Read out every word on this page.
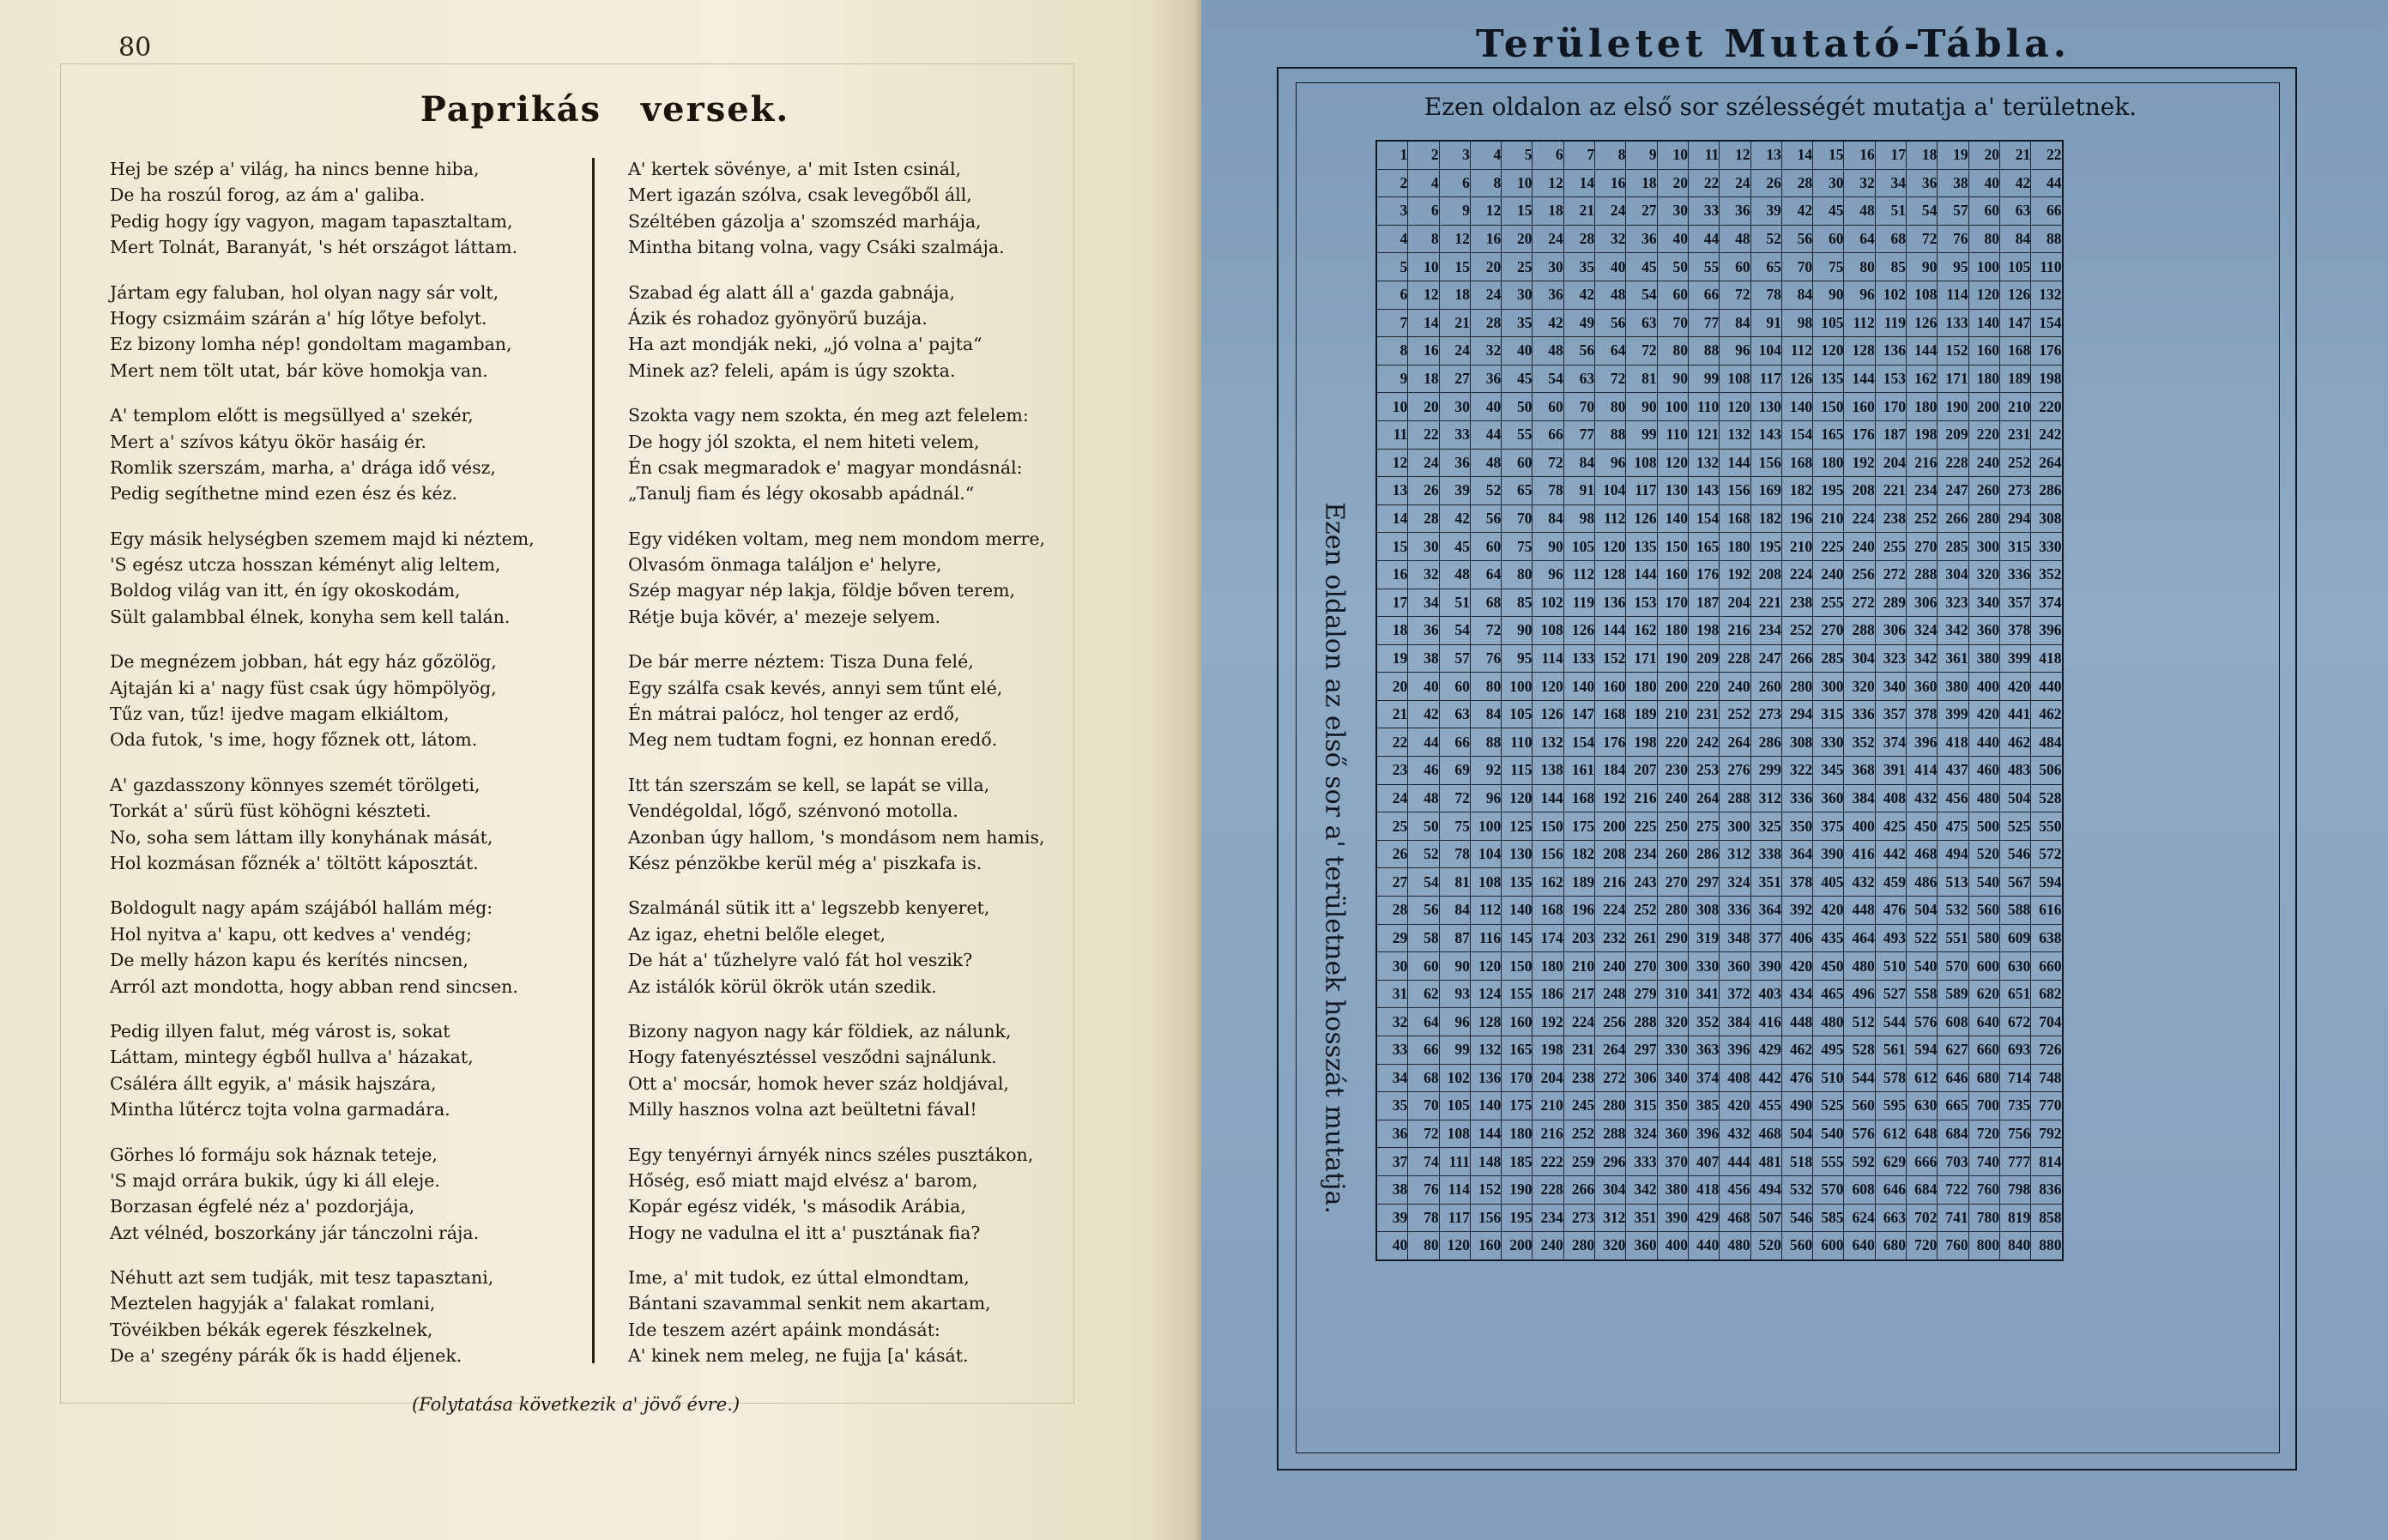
80
Paprikás versek.
Hej be szép a' világ, ha nincs benne hiba,
De ha roszúl forog, az ám a' galiba.
Pedig hogy így vagyon, magam tapasztaltam,
Mert Tolnát, Baranyát, 's hét országot láttam.
Jártam egy faluban, hol olyan nagy sár volt,
Hogy csizmáim szárán a' híg lőtye befolyt.
Ez bizony lomha nép! gondoltam magamban,
Mert nem tölt utat, bár köve homokja van.
A' templom előtt is megsüllyed a' szekér,
Mert a' szívos kátyu ökör hasáig ér.
Romlik szerszám, marha, a' drága idő vész,
Pedig segíthetne mind ezen ész és kéz.
Egy másik helységben szemem majd ki néztem,
'S egész utcza hosszan kéményt alig leltem,
Boldog világ van itt, én így okoskodám,
Sült galambbal élnek, konyha sem kell talán.
De megnézem jobban, hát egy ház gőzölög,
Ajtaján ki a' nagy füst csak úgy hömpölyög,
Tűz van, tűz! ijedve magam elkiáltom,
Oda futok, 's ime, hogy főznek ott, látom.
A' gazdasszony könnyes szemét törölgeti,
Torkát a' sűrü füst köhögni készteti.
No, soha sem láttam illy konyhának mását,
Hol kozmásan főznék a' töltött káposztát.
Boldogult nagy apám szájából hallám még:
Hol nyitva a' kapu, ott kedves a' vendég;
De melly házon kapu és kerítés nincsen,
Arról azt mondotta, hogy abban rend sincsen.
Pedig illyen falut, még várost is, sokat
Láttam, mintegy égből hullva a' házakat,
Csáléra állt egyik, a' másik hajszára,
Mintha lűtércz tojta volna garmadára.
Görhes ló formáju sok háznak teteje,
'S majd orrára bukik, úgy ki áll eleje.
Borzasan égfelé néz a' pozdorjája,
Azt vélnéd, boszorkány jár tánczolni rája.
Néhutt azt sem tudják, mit tesz tapasztani,
Meztelen hagyják a' falakat romlani,
Tövéikben békák egerek fészkelnek,
De a' szegény párák ők is hadd éljenek.
A' kertek sövénye, a' mit Isten csinál,
Mert igazán szólva, csak levegőből áll,
Széltében gázolja a' szomszéd marhája,
Mintha bitang volna, vagy Csáki szalmája.
Szabad ég alatt áll a' gazda gabnája,
Ázik és rohadoz gyönyörű buzája.
Ha azt mondják neki, „jó volna a' pajta“
Minek az? feleli, apám is úgy szokta.
Szokta vagy nem szokta, én meg azt felelem:
De hogy jól szokta, el nem hiteti velem,
Én csak megmaradok e' magyar mondásnál:
„Tanulj fiam és légy okosabb apádnál.“
Egy vidéken voltam, meg nem mondom merre,
Olvasóm önmaga találjon e' helyre,
Szép magyar nép lakja, földje bőven terem,
Rétje buja kövér, a' mezeje selyem.
De bár merre néztem: Tisza Duna felé,
Egy szálfa csak kevés, annyi sem tűnt elé,
Én mátrai palócz, hol tenger az erdő,
Meg nem tudtam fogni, ez honnan eredő.
Itt tán szerszám se kell, se lapát se villa,
Vendégoldal, lőgő, szénvonó motolla.
Azonban úgy hallom, 's mondásom nem hamis,
Kész pénzökbe kerül még a' piszkafa is.
Szalmánál sütik itt a' legszebb kenyeret,
Az igaz, ehetni belőle eleget,
De hát a' tűzhelyre való fát hol veszik?
Az istálók körül ökrök után szedik.
Bizony nagyon nagy kár földiek, az nálunk,
Hogy fatenyésztéssel vesződni sajnálunk.
Ott a' mocsár, homok hever száz holdjával,
Milly hasznos volna azt beültetni fával!
Egy tenyérnyi árnyék nincs széles pusztákon,
Hőség, eső miatt majd elvész a' barom,
Kopár egész vidék, 's második Arábia,
Hogy ne vadulna el itt a' pusztának fia?
Ime, a' mit tudok, ez úttal elmondtam,
Bántani szavammal senkit nem akartam,
Ide teszem azért apáink mondását:
A' kinek nem meleg, ne fujja [a' kását.
(Folytatása következik a' jövő évre.)
Területet Mutató-Tábla.
Ezen oldalon az első sor szélességét mutatja a' területnek.
Ezen oldalon az első sor a' területnek hosszát mutatja.
1	2	3	4	5	6	7	8	9	10	11	12	13	14	15	16	17	18	19	20	21	22
2	4	6	8	10	12	14	16	18	20	22	24	26	28	30	32	34	36	38	40	42	44
3	6	9	12	15	18	21	24	27	30	33	36	39	42	45	48	51	54	57	60	63	66
4	8	12	16	20	24	28	32	36	40	44	48	52	56	60	64	68	72	76	80	84	88
5	10	15	20	25	30	35	40	45	50	55	60	65	70	75	80	85	90	95	100	105	110
6	12	18	24	30	36	42	48	54	60	66	72	78	84	90	96	102	108	114	120	126	132
7	14	21	28	35	42	49	56	63	70	77	84	91	98	105	112	119	126	133	140	147	154
8	16	24	32	40	48	56	64	72	80	88	96	104	112	120	128	136	144	152	160	168	176
9	18	27	36	45	54	63	72	81	90	99	108	117	126	135	144	153	162	171	180	189	198
10	20	30	40	50	60	70	80	90	100	110	120	130	140	150	160	170	180	190	200	210	220
11	22	33	44	55	66	77	88	99	110	121	132	143	154	165	176	187	198	209	220	231	242
12	24	36	48	60	72	84	96	108	120	132	144	156	168	180	192	204	216	228	240	252	264
13	26	39	52	65	78	91	104	117	130	143	156	169	182	195	208	221	234	247	260	273	286
14	28	42	56	70	84	98	112	126	140	154	168	182	196	210	224	238	252	266	280	294	308
15	30	45	60	75	90	105	120	135	150	165	180	195	210	225	240	255	270	285	300	315	330
16	32	48	64	80	96	112	128	144	160	176	192	208	224	240	256	272	288	304	320	336	352
17	34	51	68	85	102	119	136	153	170	187	204	221	238	255	272	289	306	323	340	357	374
18	36	54	72	90	108	126	144	162	180	198	216	234	252	270	288	306	324	342	360	378	396
19	38	57	76	95	114	133	152	171	190	209	228	247	266	285	304	323	342	361	380	399	418
20	40	60	80	100	120	140	160	180	200	220	240	260	280	300	320	340	360	380	400	420	440
21	42	63	84	105	126	147	168	189	210	231	252	273	294	315	336	357	378	399	420	441	462
22	44	66	88	110	132	154	176	198	220	242	264	286	308	330	352	374	396	418	440	462	484
23	46	69	92	115	138	161	184	207	230	253	276	299	322	345	368	391	414	437	460	483	506
24	48	72	96	120	144	168	192	216	240	264	288	312	336	360	384	408	432	456	480	504	528
25	50	75	100	125	150	175	200	225	250	275	300	325	350	375	400	425	450	475	500	525	550
26	52	78	104	130	156	182	208	234	260	286	312	338	364	390	416	442	468	494	520	546	572
27	54	81	108	135	162	189	216	243	270	297	324	351	378	405	432	459	486	513	540	567	594
28	56	84	112	140	168	196	224	252	280	308	336	364	392	420	448	476	504	532	560	588	616
29	58	87	116	145	174	203	232	261	290	319	348	377	406	435	464	493	522	551	580	609	638
30	60	90	120	150	180	210	240	270	300	330	360	390	420	450	480	510	540	570	600	630	660
31	62	93	124	155	186	217	248	279	310	341	372	403	434	465	496	527	558	589	620	651	682
32	64	96	128	160	192	224	256	288	320	352	384	416	448	480	512	544	576	608	640	672	704
33	66	99	132	165	198	231	264	297	330	363	396	429	462	495	528	561	594	627	660	693	726
34	68	102	136	170	204	238	272	306	340	374	408	442	476	510	544	578	612	646	680	714	748
35	70	105	140	175	210	245	280	315	350	385	420	455	490	525	560	595	630	665	700	735	770
36	72	108	144	180	216	252	288	324	360	396	432	468	504	540	576	612	648	684	720	756	792
37	74	111	148	185	222	259	296	333	370	407	444	481	518	555	592	629	666	703	740	777	814
38	76	114	152	190	228	266	304	342	380	418	456	494	532	570	608	646	684	722	760	798	836
39	78	117	156	195	234	273	312	351	390	429	468	507	546	585	624	663	702	741	780	819	858
40	80	120	160	200	240	280	320	360	400	440	480	520	560	600	640	680	720	760	800	840	880
